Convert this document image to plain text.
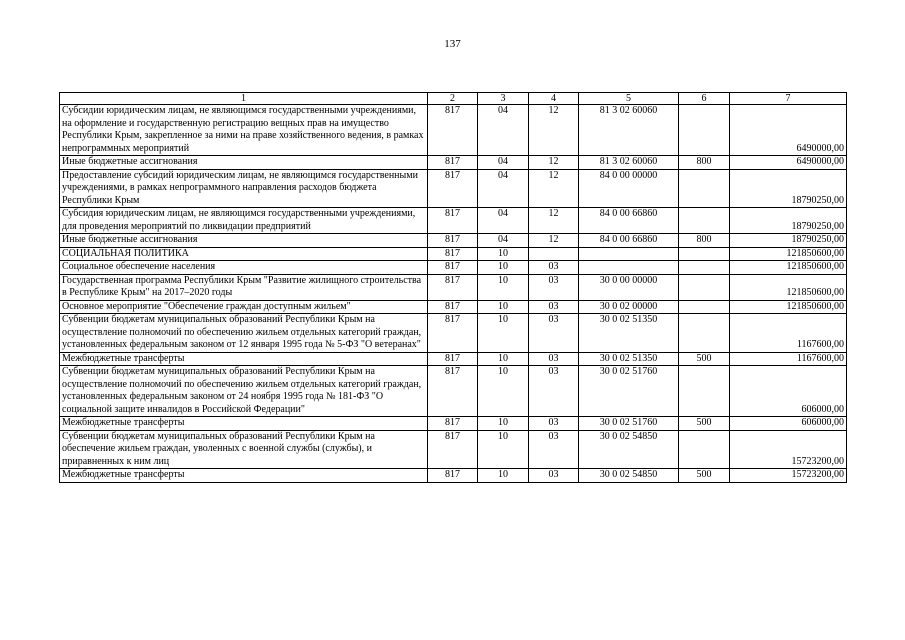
137
1	2	3	4	5	6	7
Субсидии юридическим лицам, не являющимся государственными учреждениями, на оформление и государственную регистрацию вещных прав на имущество Республики Крым, закрепленное за ними на праве хозяйственного ведения, в рамках непрограммных мероприятий	817	04	12	81 3 02 60060		6490000,00
Иные бюджетные ассигнования	817	04	12	81 3 02 60060	800	6490000,00
Предоставление субсидий юридическим лицам, не являющимся государственными учреждениями, в рамках непрограммного направления расходов бюджета Республики Крым	817	04	12	84 0 00 00000		18790250,00
Субсидия юридическим лицам, не являющимся государственными учреждениями, для проведения мероприятий по ликвидации предприятий	817	04	12	84 0 00 66860		18790250,00
Иные бюджетные ассигнования	817	04	12	84 0 00 66860	800	18790250,00
СОЦИАЛЬНАЯ ПОЛИТИКА	817	10				121850600,00
Социальное обеспечение населения	817	10	03			121850600,00
Государственная программа Республики Крым "Развитие жилищного строительства в Республике Крым" на 2017–2020 годы	817	10	03	30 0 00 00000		121850600,00
Основное мероприятие "Обеспечение граждан доступным жильем"	817	10	03	30 0 02 00000		121850600,00
Субвенции бюджетам муниципальных образований Республики Крым на осуществление полномочий по обеспечению жильем отдельных категорий граждан, установленных федеральным законом от 12 января 1995 года № 5-ФЗ "О ветеранах"	817	10	03	30 0 02 51350		1167600,00
Межбюджетные трансферты	817	10	03	30 0 02 51350	500	1167600,00
Субвенции бюджетам муниципальных образований Республики Крым на осуществление полномочий по обеспечению жильем отдельных категорий граждан, установленных федеральным законом от 24 ноября 1995 года № 181-ФЗ "О социальной защите инвалидов в Российской Федерации"	817	10	03	30 0 02 51760		606000,00
Межбюджетные трансферты	817	10	03	30 0 02 51760	500	606000,00
Субвенции бюджетам муниципальных образований Республики Крым на обеспечение жильем граждан, уволенных с военной службы (службы), и приравненных к ним лиц	817	10	03	30 0 02 54850		15723200,00
Межбюджетные трансферты	817	10	03	30 0 02 54850	500	15723200,00
